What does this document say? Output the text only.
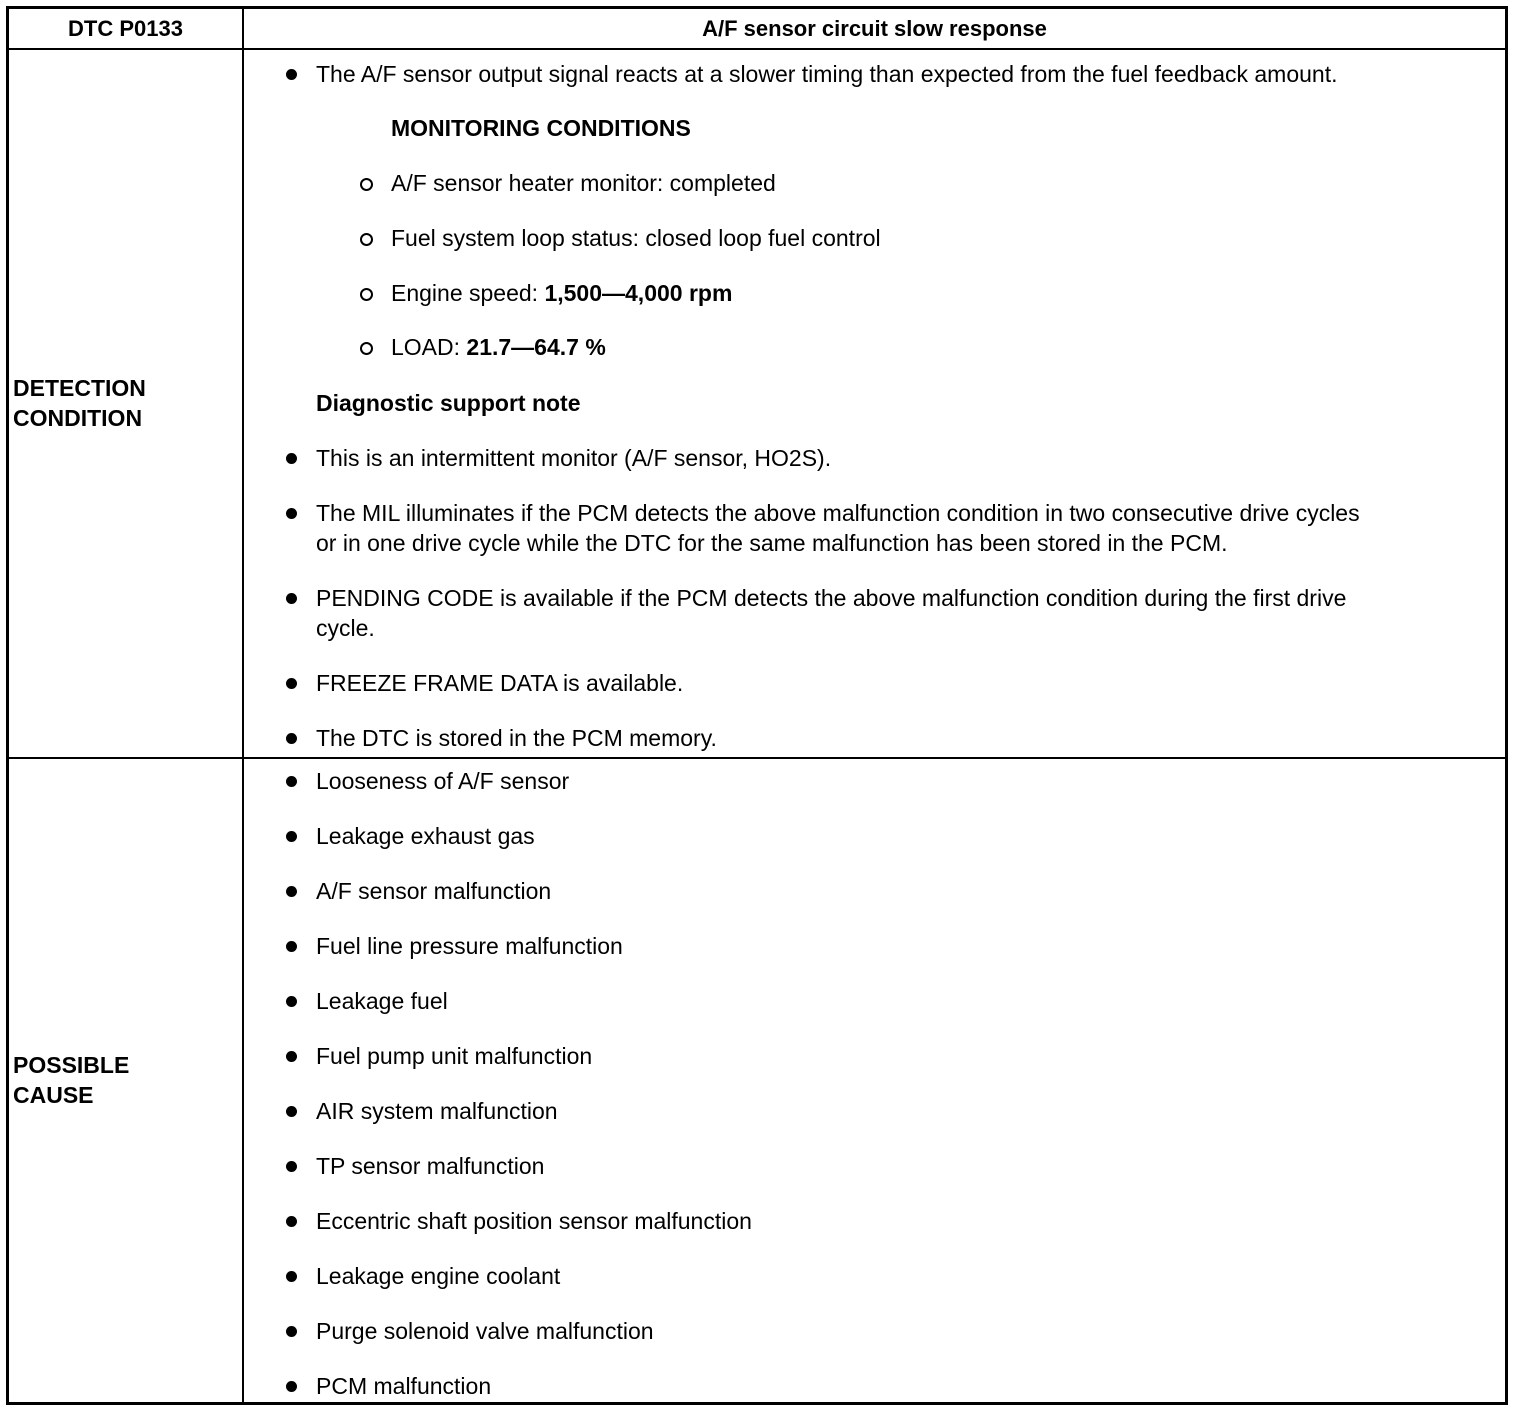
DTC P0133	A/F sensor circuit slow response
DETECTION
CONDITION
POSSIBLE
CAUSE
The A/F sensor output signal reacts at a slower timing than expected from the fuel feedback amount.
MONITORING CONDITIONS
A/F sensor heater monitor: completed
Fuel system loop status: closed loop fuel control
Engine speed: 1,500—4,000 rpm
LOAD: 21.7—64.7 %
Diagnostic support note
This is an intermittent monitor (A/F sensor, HO2S).
The MIL illuminates if the PCM detects the above malfunction condition in two consecutive drive cycles
or in one drive cycle while the DTC for the same malfunction has been stored in the PCM.
PENDING CODE is available if the PCM detects the above malfunction condition during the first drive
cycle.
FREEZE FRAME DATA is available.
The DTC is stored in the PCM memory.
Looseness of A/F sensor
Leakage exhaust gas
A/F sensor malfunction
Fuel line pressure malfunction
Leakage fuel
Fuel pump unit malfunction
AIR system malfunction
TP sensor malfunction
Eccentric shaft position sensor malfunction
Leakage engine coolant
Purge solenoid valve malfunction
PCM malfunction
